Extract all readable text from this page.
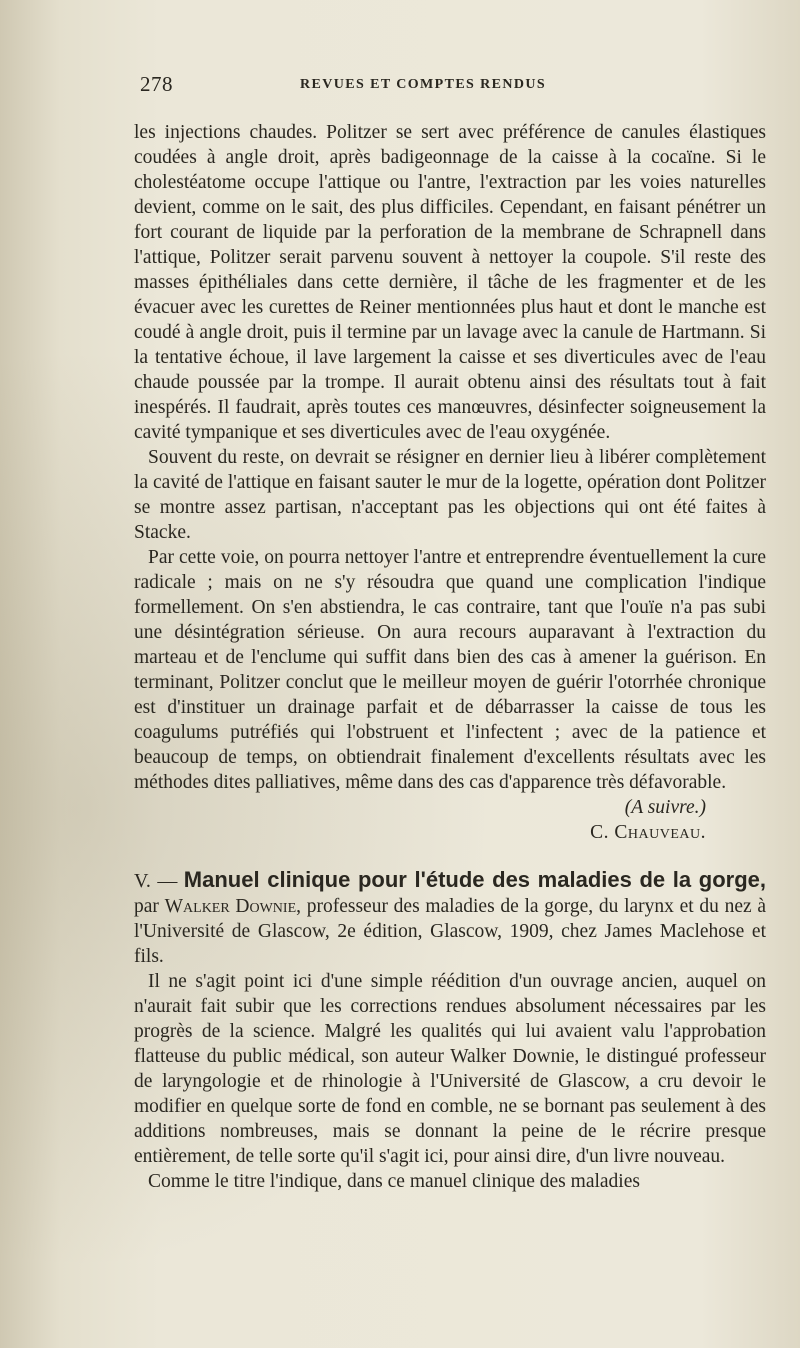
278	REVUES ET COMPTES RENDUS

les injections chaudes. Politzer se sert avec préférence de canules élastiques coudées à angle droit, après badigeonnage de la caisse à la cocaïne. Si le cholestéatome occupe l'attique ou l'antre, l'extraction par les voies naturelles devient, comme on le sait, des plus difficiles. Cependant, en faisant pénétrer un fort courant de liquide par la perforation de la membrane de Schrapnell dans l'attique, Politzer serait parvenu souvent à nettoyer la coupole. S'il reste des masses épithéliales dans cette dernière, il tâche de les fragmenter et de les évacuer avec les curettes de Reiner mentionnées plus haut et dont le manche est coudé à angle droit, puis il termine par un lavage avec la canule de Hartmann. Si la tentative échoue, il lave largement la caisse et ses diverticules avec de l'eau chaude poussée par la trompe. Il aurait obtenu ainsi des résultats tout à fait inespérés. Il faudrait, après toutes ces manœuvres, désinfecter soigneusement la cavité tympanique et ses diverticules avec de l'eau oxygénée.

Souvent du reste, on devrait se résigner en dernier lieu à libérer complètement la cavité de l'attique en faisant sauter le mur de la logette, opération dont Politzer se montre assez partisan, n'acceptant pas les objections qui ont été faites à Stacke.

Par cette voie, on pourra nettoyer l'antre et entreprendre éventuellement la cure radicale ; mais on ne s'y résoudra que quand une complication l'indique formellement. On s'en abstiendra, le cas contraire, tant que l'ouïe n'a pas subi une désintégration sérieuse. On aura recours auparavant à l'extraction du marteau et de l'enclume qui suffit dans bien des cas à amener la guérison. En terminant, Politzer conclut que le meilleur moyen de guérir l'otorrhée chronique est d'instituer un drainage parfait et de débarrasser la caisse de tous les coagulums putréfiés qui l'obstruent et l'infectent ; avec de la patience et beaucoup de temps, on obtiendrait finalement d'excellents résultats avec les méthodes dites palliatives, même dans des cas d'apparence très défavorable.

(A suivre.)
C. Chauveau.

V. — Manuel clinique pour l'étude des maladies de la gorge, par Walker Downie, professeur des maladies de la gorge, du larynx et du nez à l'Université de Glascow, 2e édition, Glascow, 1909, chez James Maclehose et fils.

Il ne s'agit point ici d'une simple réédition d'un ouvrage ancien, auquel on n'aurait fait subir que les corrections rendues absolument nécessaires par les progrès de la science. Malgré les qualités qui lui avaient valu l'approbation flatteuse du public médical, son auteur Walker Downie, le distingué professeur de laryngologie et de rhinologie à l'Université de Glascow, a cru devoir le modifier en quelque sorte de fond en comble, ne se bornant pas seulement à des additions nombreuses, mais se donnant la peine de le récrire presque entièrement, de telle sorte qu'il s'agit ici, pour ainsi dire, d'un livre nouveau.

Comme le titre l'indique, dans ce manuel clinique des maladies
